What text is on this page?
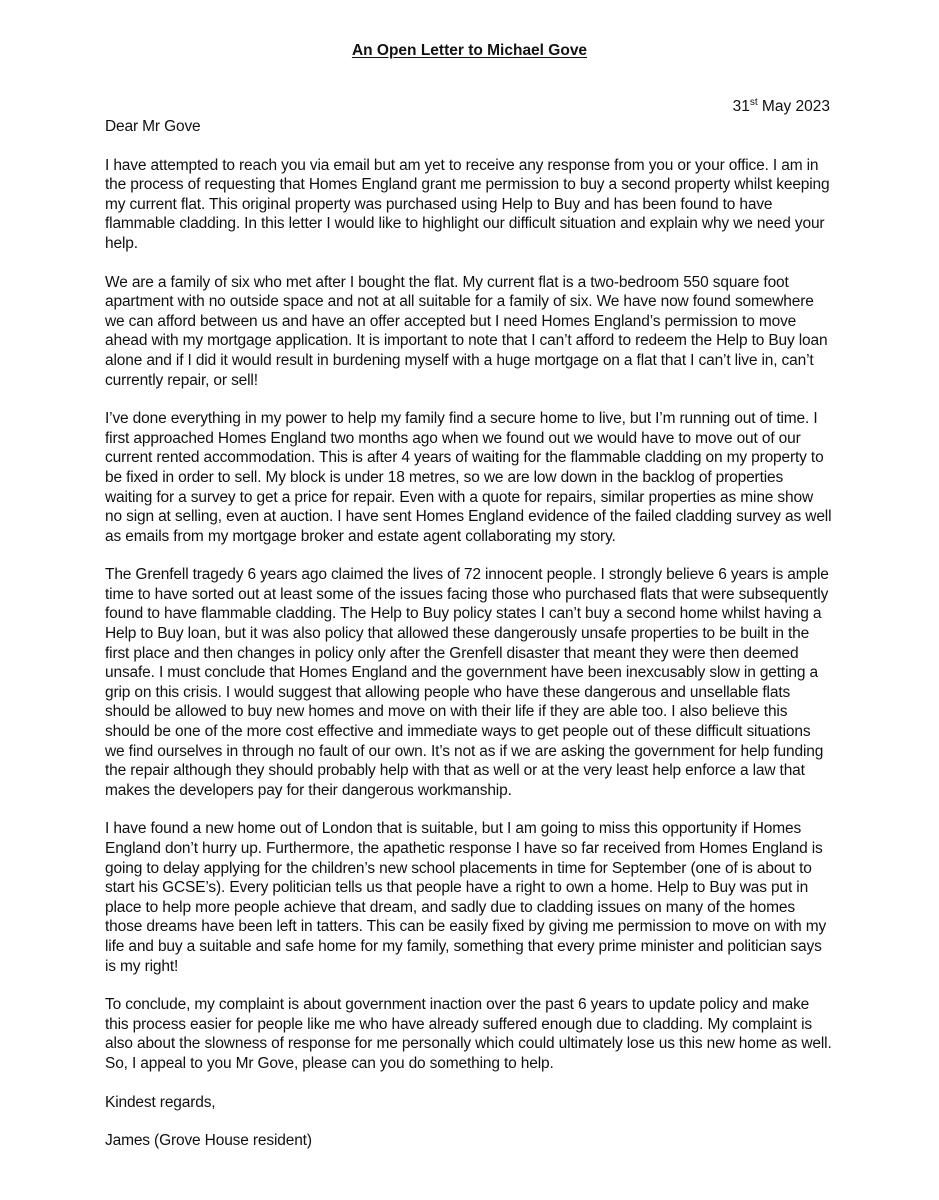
An Open Letter to Michael Gove
31st May 2023

Dear Mr Gove

I have attempted to reach you via email but am yet to receive any response from you or your office. I am in the process of requesting that Homes England grant me permission to buy a second property whilst keeping my current flat. This original property was purchased using Help to Buy and has been found to have flammable cladding. In this letter I would like to highlight our difficult situation and explain why we need your help.

We are a family of six who met after I bought the flat. My current flat is a two-bedroom 550 square foot apartment with no outside space and not at all suitable for a family of six. We have now found somewhere we can afford between us and have an offer accepted but I need Homes England’s permission to move ahead with my mortgage application. It is important to note that I can’t afford to redeem the Help to Buy loan alone and if I did it would result in burdening myself with a huge mortgage on a flat that I can’t live in, can’t currently repair, or sell!

I’ve done everything in my power to help my family find a secure home to live, but I’m running out of time. I first approached Homes England two months ago when we found out we would have to move out of our current rented accommodation. This is after 4 years of waiting for the flammable cladding on my property to be fixed in order to sell. My block is under 18 metres, so we are low down in the backlog of properties waiting for a survey to get a price for repair. Even with a quote for repairs, similar properties as mine show no sign at selling, even at auction. I have sent Homes England evidence of the failed cladding survey as well as emails from my mortgage broker and estate agent collaborating my story.

The Grenfell tragedy 6 years ago claimed the lives of 72 innocent people. I strongly believe 6 years is ample time to have sorted out at least some of the issues facing those who purchased flats that were subsequently found to have flammable cladding. The Help to Buy policy states I can’t buy a second home whilst having a Help to Buy loan, but it was also policy that allowed these dangerously unsafe properties to be built in the first place and then changes in policy only after the Grenfell disaster that meant they were then deemed unsafe. I must conclude that Homes England and the government have been inexcusably slow in getting a grip on this crisis. I would suggest that allowing people who have these dangerous and unsellable flats should be allowed to buy new homes and move on with their life if they are able too. I also believe this should be one of the more cost effective and immediate ways to get people out of these difficult situations we find ourselves in through no fault of our own. It’s not as if we are asking the government for help funding the repair although they should probably help with that as well or at the very least help enforce a law that makes the developers pay for their dangerous workmanship.

I have found a new home out of London that is suitable, but I am going to miss this opportunity if Homes England don’t hurry up. Furthermore, the apathetic response I have so far received from Homes England is going to delay applying for the children’s new school placements in time for September (one of is about to start his GCSE’s). Every politician tells us that people have a right to own a home. Help to Buy was put in place to help more people achieve that dream, and sadly due to cladding issues on many of the homes those dreams have been left in tatters. This can be easily fixed by giving me permission to move on with my life and buy a suitable and safe home for my family, something that every prime minister and politician says is my right!

To conclude, my complaint is about government inaction over the past 6 years to update policy and make this process easier for people like me who have already suffered enough due to cladding. My complaint is also about the slowness of response for me personally which could ultimately lose us this new home as well. So, I appeal to you Mr Gove, please can you do something to help.

Kindest regards,

James (Grove House resident)
